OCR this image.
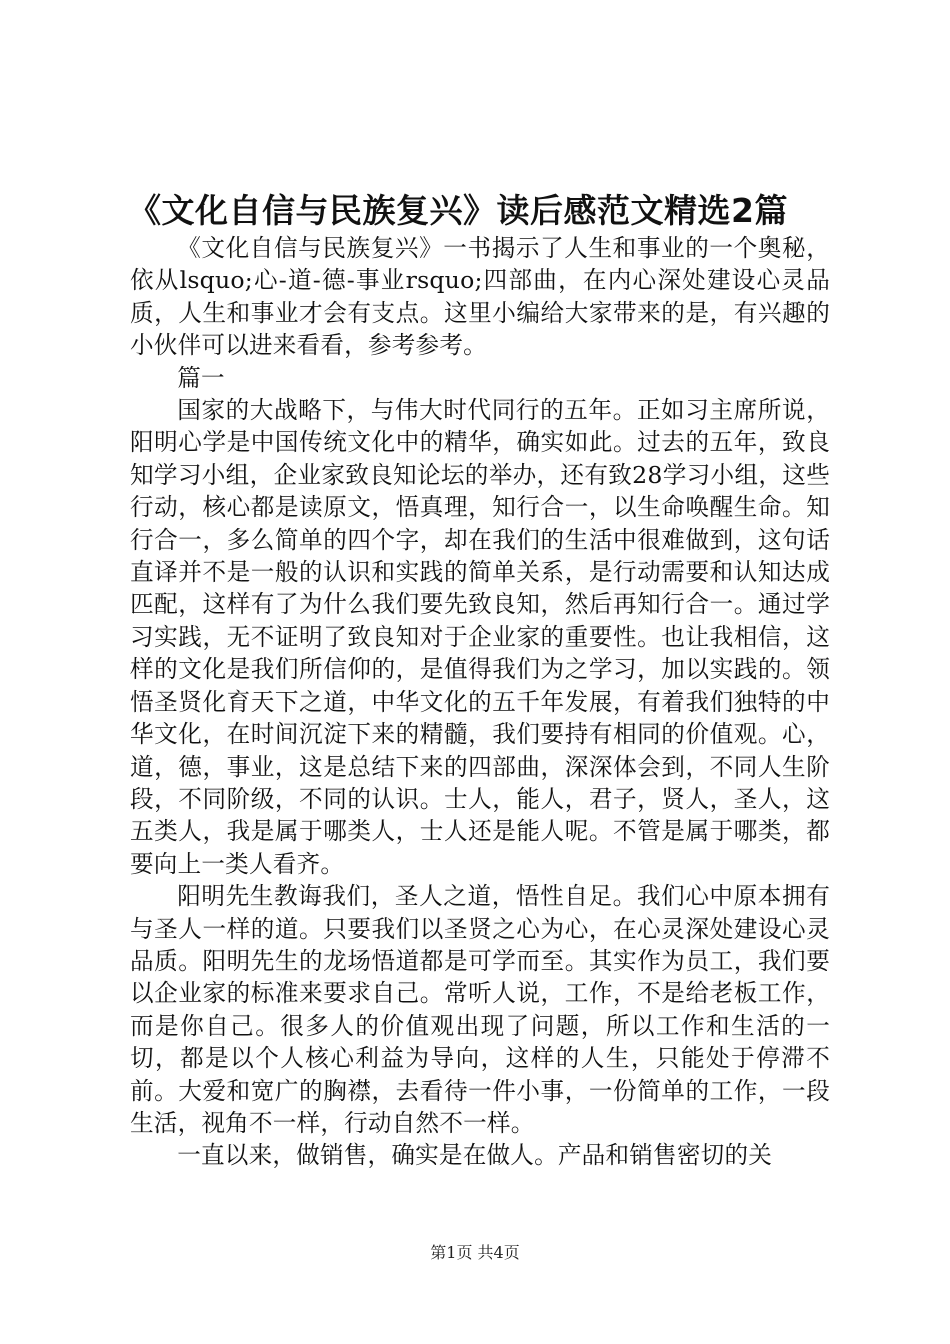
《文化自信与民族复兴》读后感范文精选2篇

《文化自信与民族复兴》一书揭示了人生和事业的一个奥秘，依从lsquo;心-道-德-事业rsquo;四部曲，在内心深处建设心灵品质，人生和事业才会有支点。这里小编给大家带来的是，有兴趣的小伙伴可以进来看看，参考参考。

篇一

国家的大战略下，与伟大时代同行的五年。正如习主席所说，阳明心学是中国传统文化中的精华，确实如此。过去的五年，致良知学习小组，企业家致良知论坛的举办，还有致28学习小组，这些行动，核心都是读原文，悟真理，知行合一，以生命唤醒生命。知行合一，多么简单的四个字，却在我们的生活中很难做到，这句话直译并不是一般的认识和实践的简单关系，是行动需要和认知达成匹配，这样有了为什么我们要先致良知，然后再知行合一。通过学习实践，无不证明了致良知对于企业家的重要性。也让我相信，这样的文化是我们所信仰的，是值得我们为之学习，加以实践的。领悟圣贤化育天下之道，中华文化的五千年发展，有着我们独特的中华文化，在时间沉淀下来的精髓，我们要持有相同的价值观。心，道，德，事业，这是总结下来的四部曲，深深体会到，不同人生阶段，不同阶级，不同的认识。士人，能人，君子，贤人，圣人，这五类人，我是属于哪类人，士人还是能人呢。不管是属于哪类，都要向上一类人看齐。

阳明先生教诲我们，圣人之道，悟性自足。我们心中原本拥有与圣人一样的道。只要我们以圣贤之心为心，在心灵深处建设心灵品质。阳明先生的龙场悟道都是可学而至。其实作为员工，我们要以企业家的标准来要求自己。常听人说，工作，不是给老板工作，而是你自己。很多人的价值观出现了问题，所以工作和生活的一切，都是以个人核心利益为导向，这样的人生，只能处于停滞不前。大爱和宽广的胸襟，去看待一件小事，一份简单的工作，一段生活，视角不一样，行动自然不一样。

一直以来，做销售，确实是在做人。产品和销售密切的关

第1页 共4页
